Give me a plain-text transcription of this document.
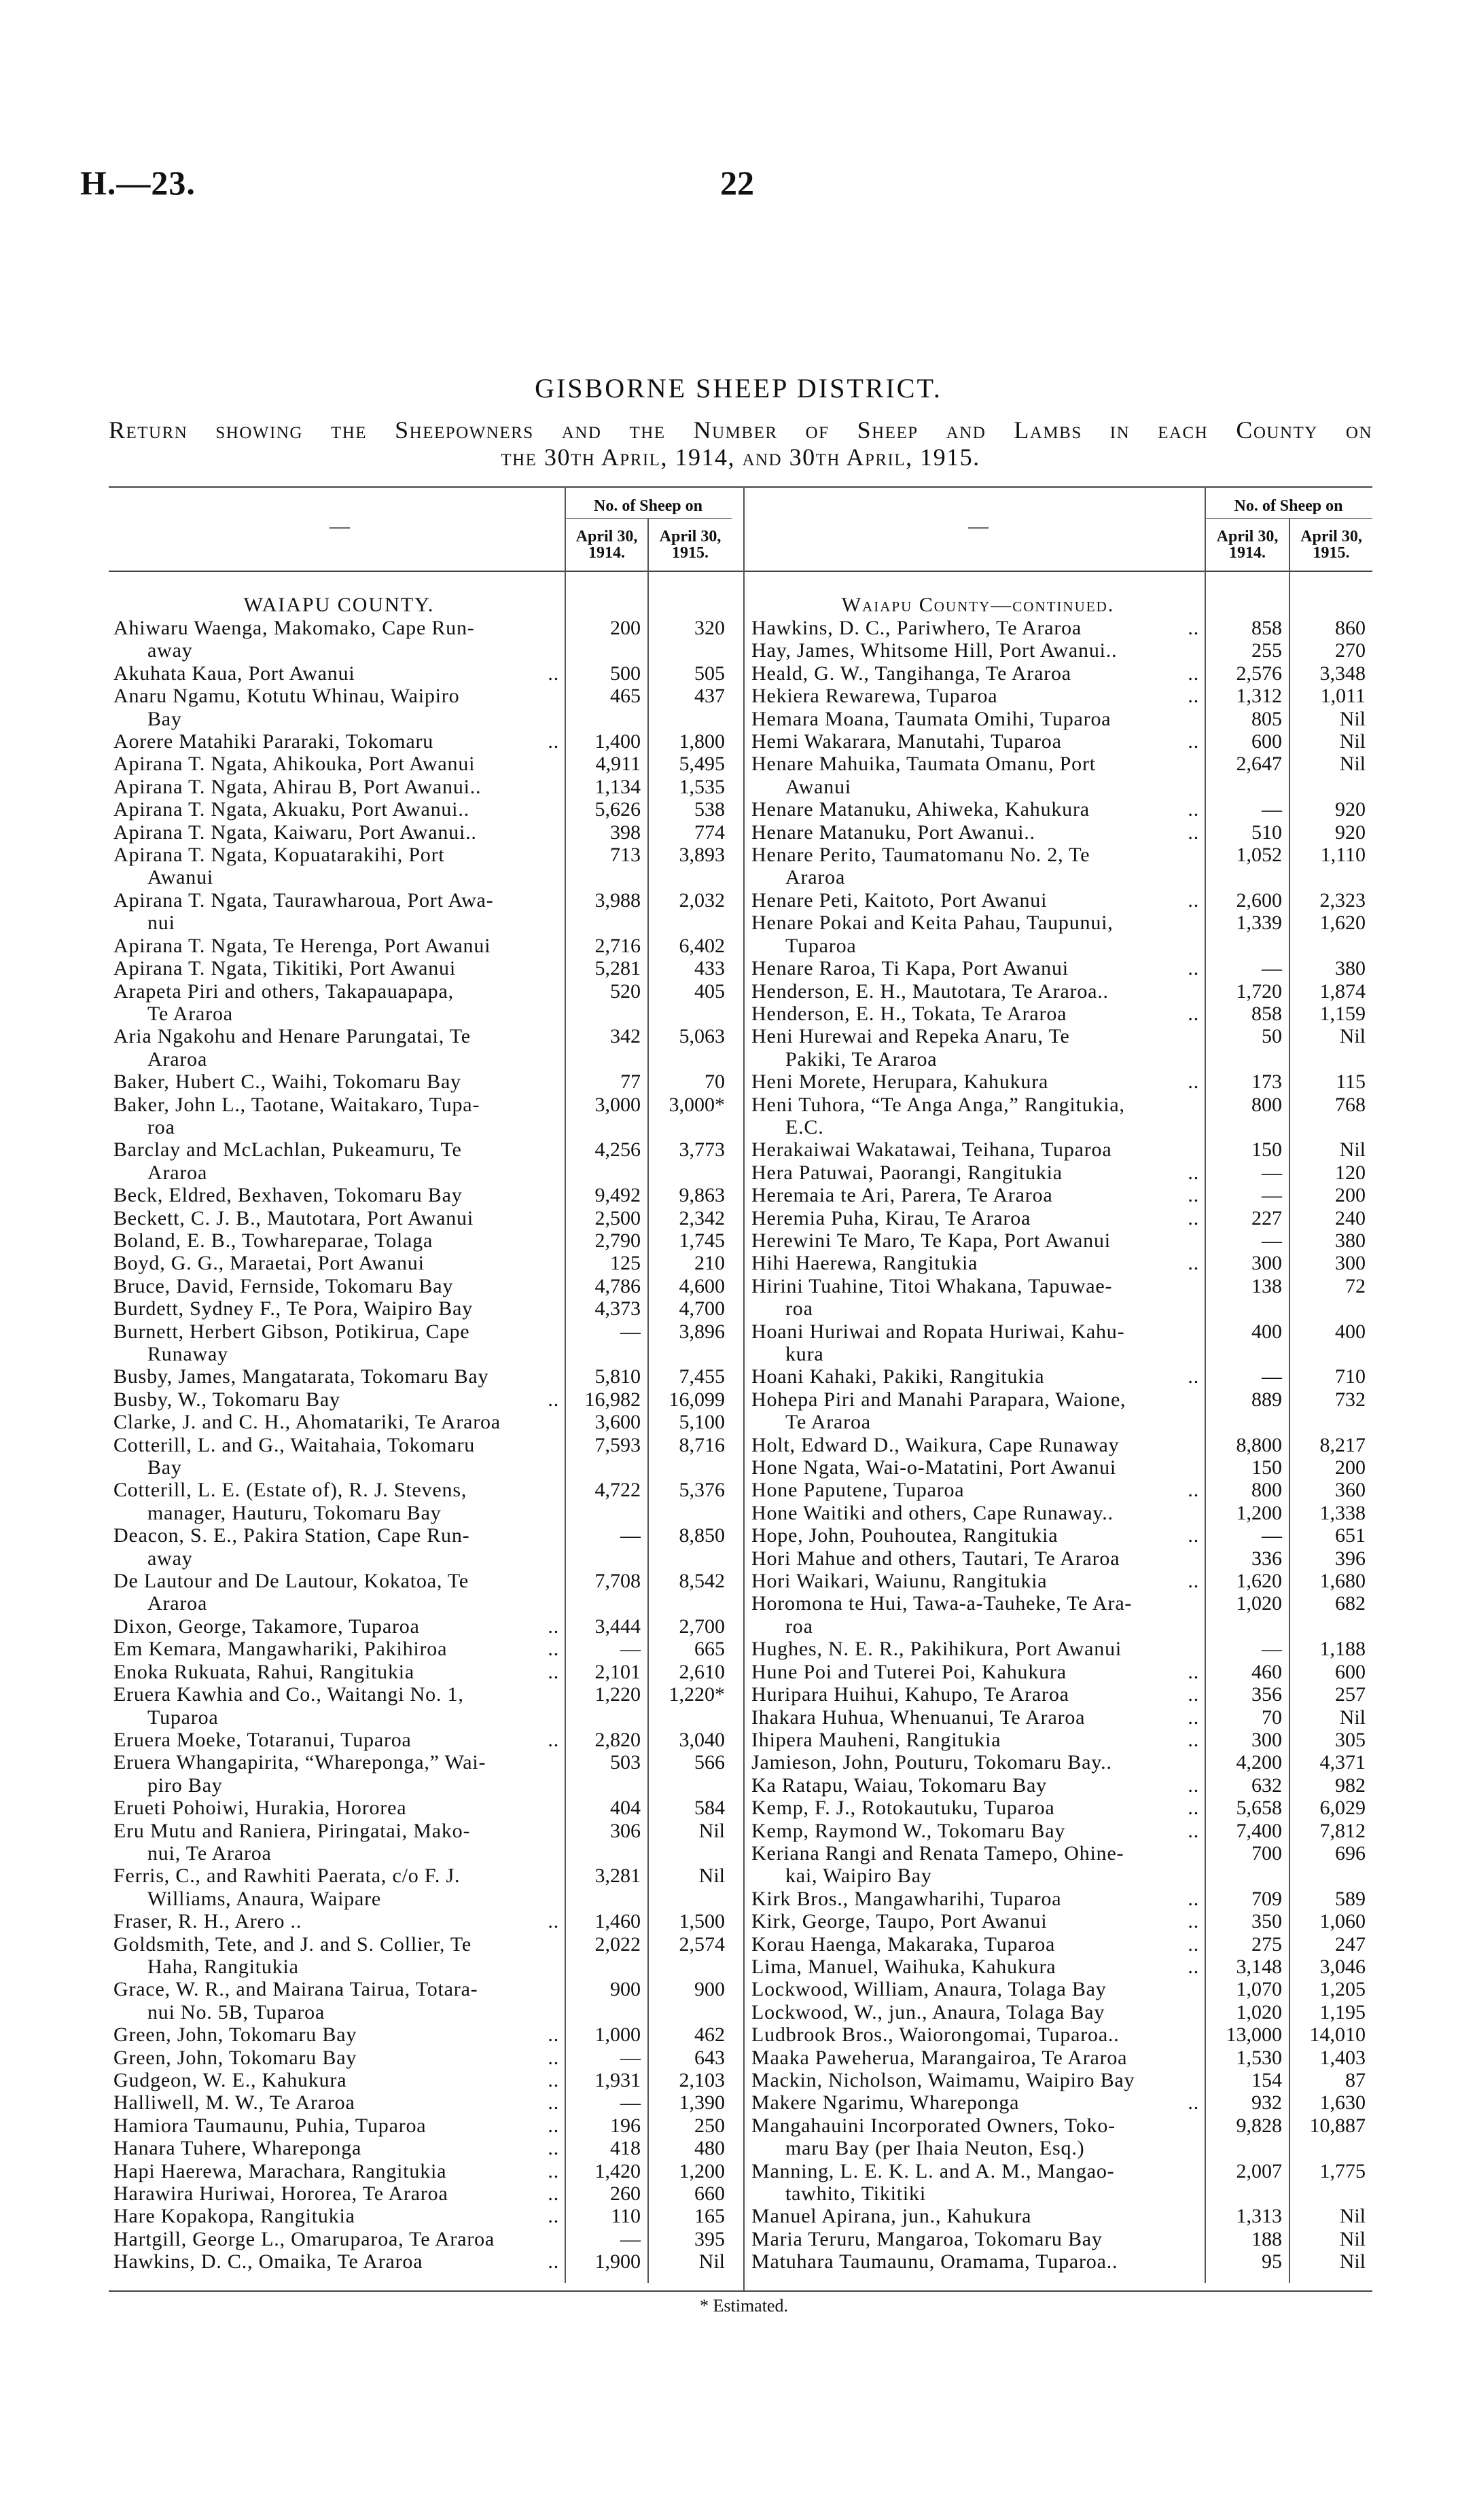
H.—23.	22
GISBORNE SHEEP DISTRICT.
Return showing the Sheepowners and the Number of Sheep and Lambs in each County on
the 30th April, 1914, and 30th April, 1915.
—
No. of Sheep on
April 30,
1914.
April 30,
1915.
—
No. of Sheep on
April 30,
1914.
April 30,
1915.
WAIAPU COUNTY.
Ahiwaru Waenga, Makomako, Cape Run-
away
200	320
Akuhata Kaua, Port Awanui	..	500	505
Anaru Ngamu, Kotutu Whinau, Waipiro
Bay
465	437
Aorere Matahiki Pararaki, Tokomaru	..	1,400	1,800
Apirana T. Ngata, Ahikouka, Port Awanui	4,911	5,495
Apirana T. Ngata, Ahirau B, Port Awanui..	1,134	1,535
Apirana T. Ngata, Akuaku, Port Awanui..	5,626	538
Apirana T. Ngata, Kaiwaru, Port Awanui..	398	774
Apirana T. Ngata, Kopuatarakihi, Port
Awanui
713	3,893
Apirana T. Ngata, Taurawharoua, Port Awa-
nui
3,988	2,032
Apirana T. Ngata, Te Herenga, Port Awanui	2,716	6,402
Apirana T. Ngata, Tikitiki, Port Awanui	5,281	433
Arapeta Piri and others, Takapauapapa,
Te Araroa
520	405
Aria Ngakohu and Henare Parungatai, Te
Araroa
342	5,063
Baker, Hubert C., Waihi, Tokomaru Bay	77	70
Baker, John L., Taotane, Waitakaro, Tupa-
roa
3,000	3,000*
Barclay and McLachlan, Pukeamuru, Te
Araroa
4,256	3,773
Beck, Eldred, Bexhaven, Tokomaru Bay	9,492	9,863
Beckett, C. J. B., Mautotara, Port Awanui	2,500	2,342
Boland, E. B., Towhareparae, Tolaga	2,790	1,745
Boyd, G. G., Maraetai, Port Awanui	125	210
Bruce, David, Fernside, Tokomaru Bay	4,786	4,600
Burdett, Sydney F., Te Pora, Waipiro Bay	4,373	4,700
Burnett, Herbert Gibson, Potikirua, Cape
Runaway
—	3,896
Busby, James, Mangatarata, Tokomaru Bay	5,810	7,455
Busby, W., Tokomaru Bay	..	16,982	16,099
Clarke, J. and C. H., Ahomatariki, Te Araroa	3,600	5,100
Cotterill, L. and G., Waitahaia, Tokomaru
Bay
7,593	8,716
Cotterill, L. E. (Estate of), R. J. Stevens,
manager, Hauturu, Tokomaru Bay
4,722	5,376
Deacon, S. E., Pakira Station, Cape Run-
away
—	8,850
De Lautour and De Lautour, Kokatoa, Te
Araroa
7,708	8,542
Dixon, George, Takamore, Tuparoa	..	3,444	2,700
Em Kemara, Mangawhariki, Pakihiroa	..	—	665
Enoka Rukuata, Rahui, Rangitukia	..	2,101	2,610
Eruera Kawhia and Co., Waitangi No. 1,
Tuparoa
1,220	1,220*
Eruera Moeke, Totaranui, Tuparoa	..	2,820	3,040
Eruera Whangapirita, “Whareponga,” Wai-
piro Bay
503	566
Erueti Pohoiwi, Hurakia, Hororea	404	584
Eru Mutu and Raniera, Piringatai, Mako-
nui, Te Araroa
306	Nil
Ferris, C., and Rawhiti Paerata, c/o F. J.
Williams, Anaura, Waipare
3,281	Nil
Fraser, R. H., Arero ..	..	1,460	1,500
Goldsmith, Tete, and J. and S. Collier, Te
Haha, Rangitukia
2,022	2,574
Grace, W. R., and Mairana Tairua, Totara-
nui No. 5B, Tuparoa
900	900
Green, John, Tokomaru Bay	..	1,000	462
Green, John, Tokomaru Bay	..	—	643
Gudgeon, W. E., Kahukura	..	1,931	2,103
Halliwell, M. W., Te Araroa	..	—	1,390
Hamiora Taumaunu, Puhia, Tuparoa	..	196	250
Hanara Tuhere, Whareponga	..	418	480
Hapi Haerewa, Marachara, Rangitukia	..	1,420	1,200
Harawira Huriwai, Hororea, Te Araroa	..	260	660
Hare Kopakopa, Rangitukia	..	110	165
Hartgill, George L., Omaruparoa, Te Araroa	—	395
Hawkins, D. C., Omaika, Te Araroa	..	1,900	Nil
Waiapu County—continued.
Hawkins, D. C., Pariwhero, Te Araroa	..	858	860
Hay, James, Whitsome Hill, Port Awanui..	255	270
Heald, G. W., Tangihanga, Te Araroa	..	2,576	3,348
Hekiera Rewarewa, Tuparoa	..	1,312	1,011
Hemara Moana, Taumata Omihi, Tuparoa	805	Nil
Hemi Wakarara, Manutahi, Tuparoa	..	600	Nil
Henare Mahuika, Taumata Omanu, Port
Awanui
2,647	Nil
Henare Matanuku, Ahiweka, Kahukura	..	—	920
Henare Matanuku, Port Awanui..	..	510	920
Henare Perito, Taumatomanu No. 2, Te
Araroa
1,052	1,110
Henare Peti, Kaitoto, Port Awanui	..	2,600	2,323
Henare Pokai and Keita Pahau, Taupunui,
Tuparoa
1,339	1,620
Henare Raroa, Ti Kapa, Port Awanui	..	—	380
Henderson, E. H., Mautotara, Te Araroa..	1,720	1,874
Henderson, E. H., Tokata, Te Araroa	..	858	1,159
Heni Hurewai and Repeka Anaru, Te
Pakiki, Te Araroa
50	Nil
Heni Morete, Herupara, Kahukura	..	173	115
Heni Tuhora, “Te Anga Anga,” Rangitukia,
E.C.
800	768
Herakaiwai Wakatawai, Teihana, Tuparoa	150	Nil
Hera Patuwai, Paorangi, Rangitukia	..	—	120
Heremaia te Ari, Parera, Te Araroa	..	—	200
Heremia Puha, Kirau, Te Araroa	..	227	240
Herewini Te Maro, Te Kapa, Port Awanui	—	380
Hihi Haerewa, Rangitukia	..	300	300
Hirini Tuahine, Titoi Whakana, Tapuwae-
roa
138	72
Hoani Huriwai and Ropata Huriwai, Kahu-
kura
400	400
Hoani Kahaki, Pakiki, Rangitukia	..	—	710
Hohepa Piri and Manahi Parapara, Waione,
Te Araroa
889	732
Holt, Edward D., Waikura, Cape Runaway	8,800	8,217
Hone Ngata, Wai-o-Matatini, Port Awanui	150	200
Hone Paputene, Tuparoa	..	800	360
Hone Waitiki and others, Cape Runaway..	1,200	1,338
Hope, John, Pouhoutea, Rangitukia	..	—	651
Hori Mahue and others, Tautari, Te Araroa	336	396
Hori Waikari, Waiunu, Rangitukia	..	1,620	1,680
Horomona te Hui, Tawa-a-Tauheke, Te Ara-
roa
1,020	682
Hughes, N. E. R., Pakihikura, Port Awanui	—	1,188
Hune Poi and Tuterei Poi, Kahukura	..	460	600
Huripara Huihui, Kahupo, Te Araroa	..	356	257
Ihakara Huhua, Whenuanui, Te Araroa	..	70	Nil
Ihipera Mauheni, Rangitukia	..	300	305
Jamieson, John, Pouturu, Tokomaru Bay..	4,200	4,371
Ka Ratapu, Waiau, Tokomaru Bay	..	632	982
Kemp, F. J., Rotokautuku, Tuparoa	..	5,658	6,029
Kemp, Raymond W., Tokomaru Bay	..	7,400	7,812
Keriana Rangi and Renata Tamepo, Ohine-
kai, Waipiro Bay
700	696
Kirk Bros., Mangawharihi, Tuparoa	..	709	589
Kirk, George, Taupo, Port Awanui	..	350	1,060
Korau Haenga, Makaraka, Tuparoa	..	275	247
Lima, Manuel, Waihuka, Kahukura	..	3,148	3,046
Lockwood, William, Anaura, Tolaga Bay	1,070	1,205
Lockwood, W., jun., Anaura, Tolaga Bay	1,020	1,195
Ludbrook Bros., Waiorongomai, Tuparoa..	13,000	14,010
Maaka Paweherua, Marangairoa, Te Araroa	1,530	1,403
Mackin, Nicholson, Waimamu, Waipiro Bay	154	87
Makere Ngarimu, Whareponga	..	932	1,630
Mangahauini Incorporated Owners, Toko-
maru Bay (per Ihaia Neuton, Esq.)
9,828	10,887
Manning, L. E. K. L. and A. M., Mangao-
tawhito, Tikitiki
2,007	1,775
Manuel Apirana, jun., Kahukura	1,313	Nil
Maria Teruru, Mangaroa, Tokomaru Bay	188	Nil
Matuhara Taumaunu, Oramama, Tuparoa..	95	Nil
* Estimated.
